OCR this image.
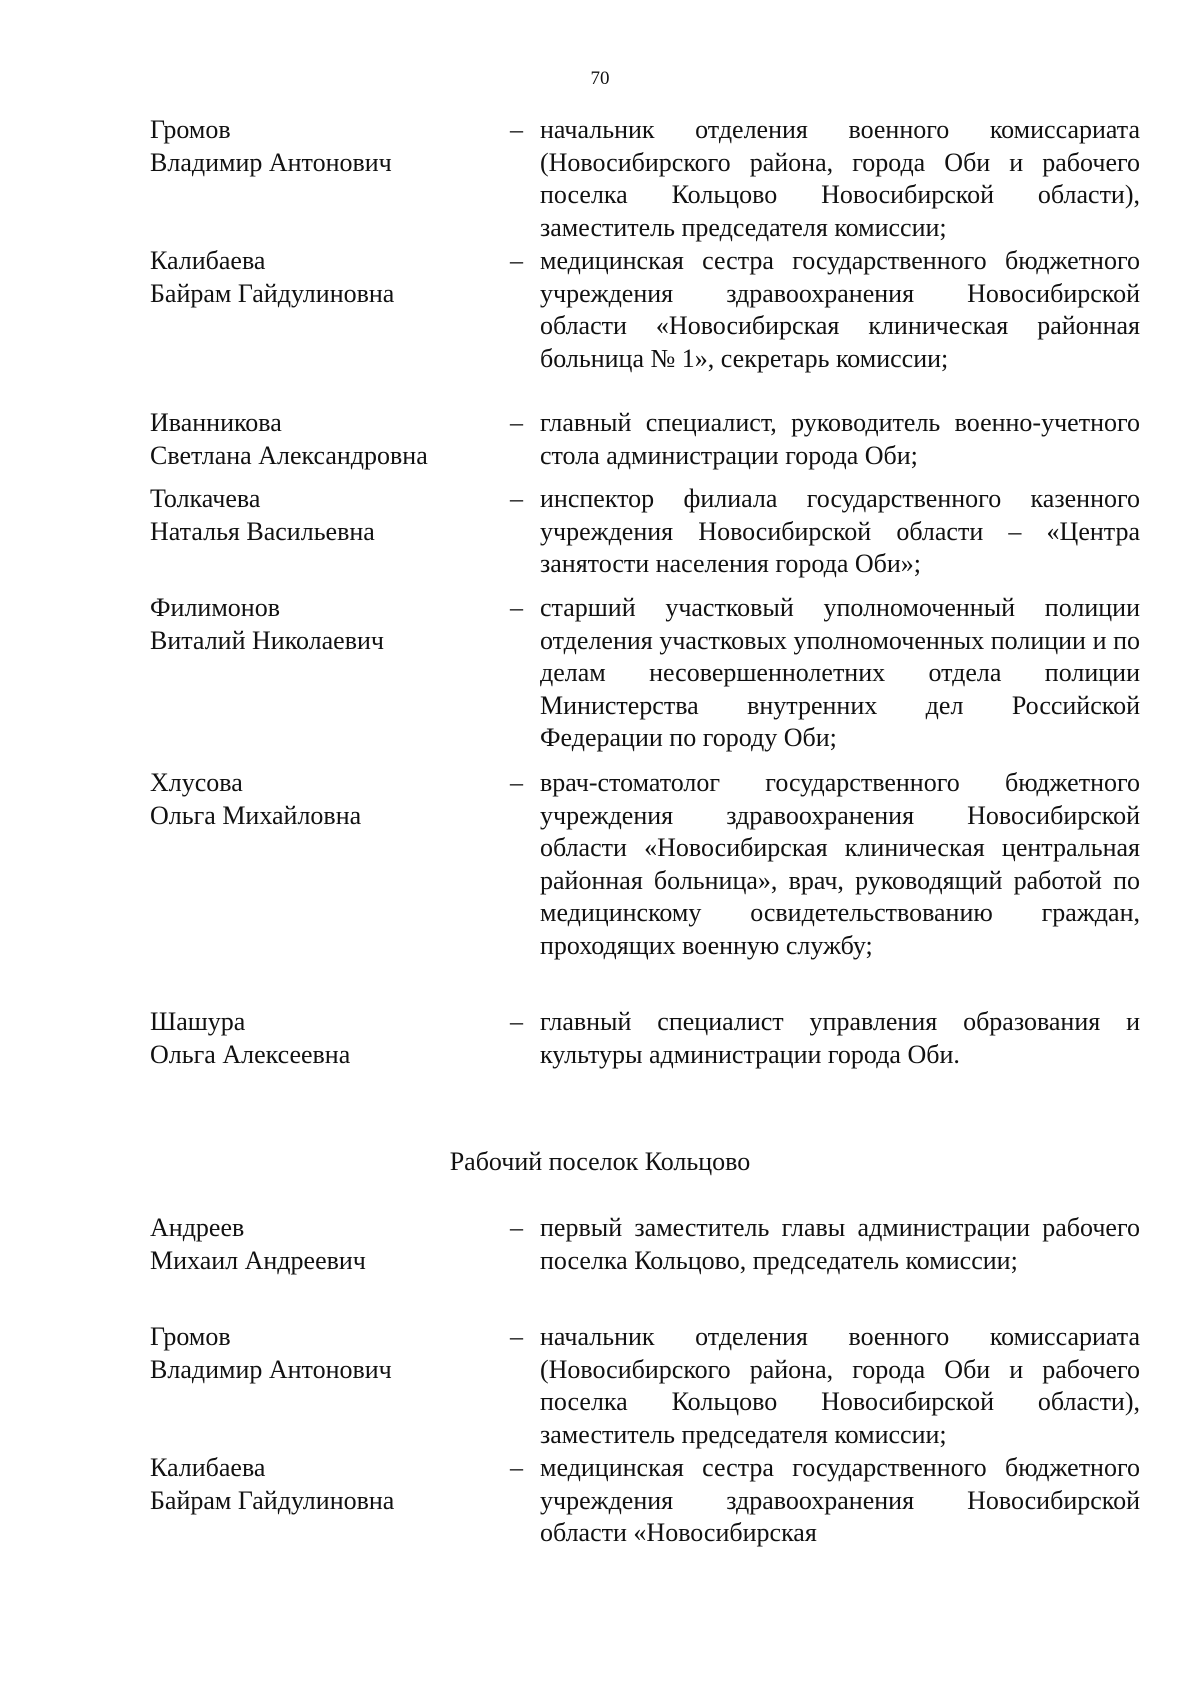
70
Громов
Владимир Антонович
– начальник отделения военного комиссариата (Новосибирского района, города Оби и рабочего поселка Кольцово Новосибирской области), заместитель председателя комиссии;
Калибаева
Байрам Гайдулиновна
– медицинская сестра государственного бюджетного учреждения здравоохранения Новосибирской области «Новосибирская клиническая районная больница № 1», секретарь комиссии;
Иванникова
Светлана Александровна
– главный специалист, руководитель военно-учетного стола администрации города Оби;
Толкачева
Наталья Васильевна
– инспектор филиала государственного казенного учреждения Новосибирской области – «Центра занятости населения города Оби»;
Филимонов
Виталий Николаевич
– старший участковый уполномоченный полиции отделения участковых уполномоченных полиции и по делам несовершеннолетних отдела полиции Министерства внутренних дел Российской Федерации по городу Оби;
Хлусова
Ольга Михайловна
– врач-стоматолог государственного бюджетного учреждения здравоохранения Новосибирской области «Новосибирская клиническая центральная районная больница», врач, руководящий работой по медицинскому освидетельствованию граждан, проходящих военную службу;
Шашура
Ольга Алексеевна
– главный специалист управления образования и культуры администрации города Оби.
Рабочий поселок Кольцово
Андреев
Михаил Андреевич
– первый заместитель главы администрации рабочего поселка Кольцово, председатель комиссии;
Громов
Владимир Антонович
– начальник отделения военного комиссариата (Новосибирского района, города Оби и рабочего поселка Кольцово Новосибирской области), заместитель председателя комиссии;
Калибаева
Байрам Гайдулиновна
– медицинская сестра государственного бюджетного учреждения здравоохранения Новосибирской области «Новосибирская
